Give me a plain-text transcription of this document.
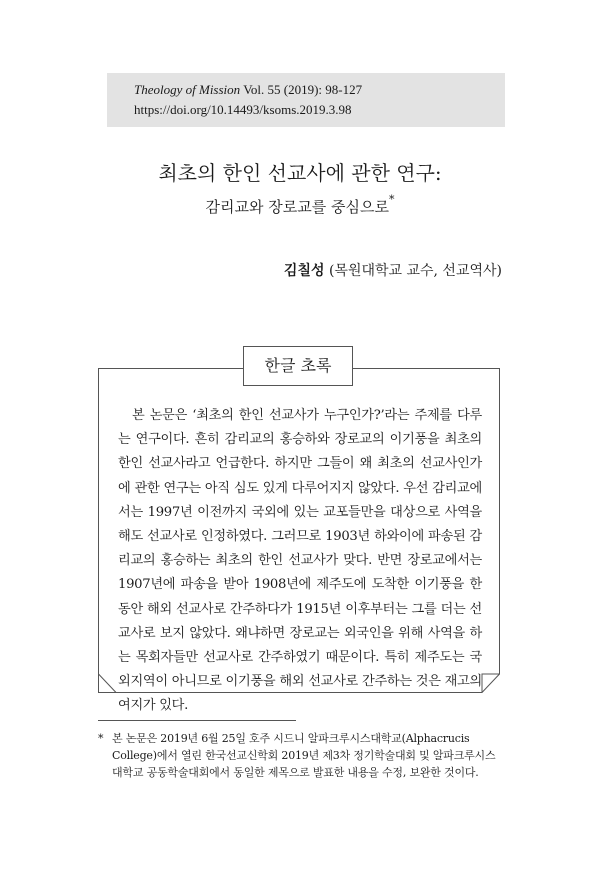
Theology of Mission Vol. 55 (2019): 98-127
https://doi.org/10.14493/ksoms.2019.3.98
최초의 한인 선교사에 관한 연구:
감리교와 장로교를 중심으로*
김칠성 (목원대학교 교수, 선교역사)
한글 초록
본 논문은 ‘최초의 한인 선교사가 누구인가?’라는 주제를 다루는 연구이다. 흔히 감리교의 홍승하와 장로교의 이기풍을 최초의 한인 선교사라고 언급한다. 하지만 그들이 왜 최초의 선교사인가에 관한 연구는 아직 심도 있게 다루어지지 않았다. 우선 감리교에서는 1997년 이전까지 국외에 있는 교포들만을 대상으로 사역을 해도 선교사로 인정하였다. 그러므로 1903년 하와이에 파송된 감리교의 홍승하는 최초의 한인 선교사가 맞다. 반면 장로교에서는 1907년에 파송을 받아 1908년에 제주도에 도착한 이기풍을 한동안 해외 선교사로 간주하다가 1915년 이후부터는 그를 더는 선교사로 보지 않았다. 왜냐하면 장로교는 외국인을 위해 사역을 하는 목회자들만 선교사로 간주하였기 때문이다. 특히 제주도는 국외지역이 아니므로 이기풍을 해외 선교사로 간주하는 것은 재고의 여지가 있다.
* 본 논문은 2019년 6월 25일 호주 시드니 알파크루시스대학교(Alphacrucis College)에서 열린 한국선교신학회 2019년 제3차 정기학술대회 및 알파크루시스대학교 공동학술대회에서 동일한 제목으로 발표한 내용을 수정, 보완한 것이다.
